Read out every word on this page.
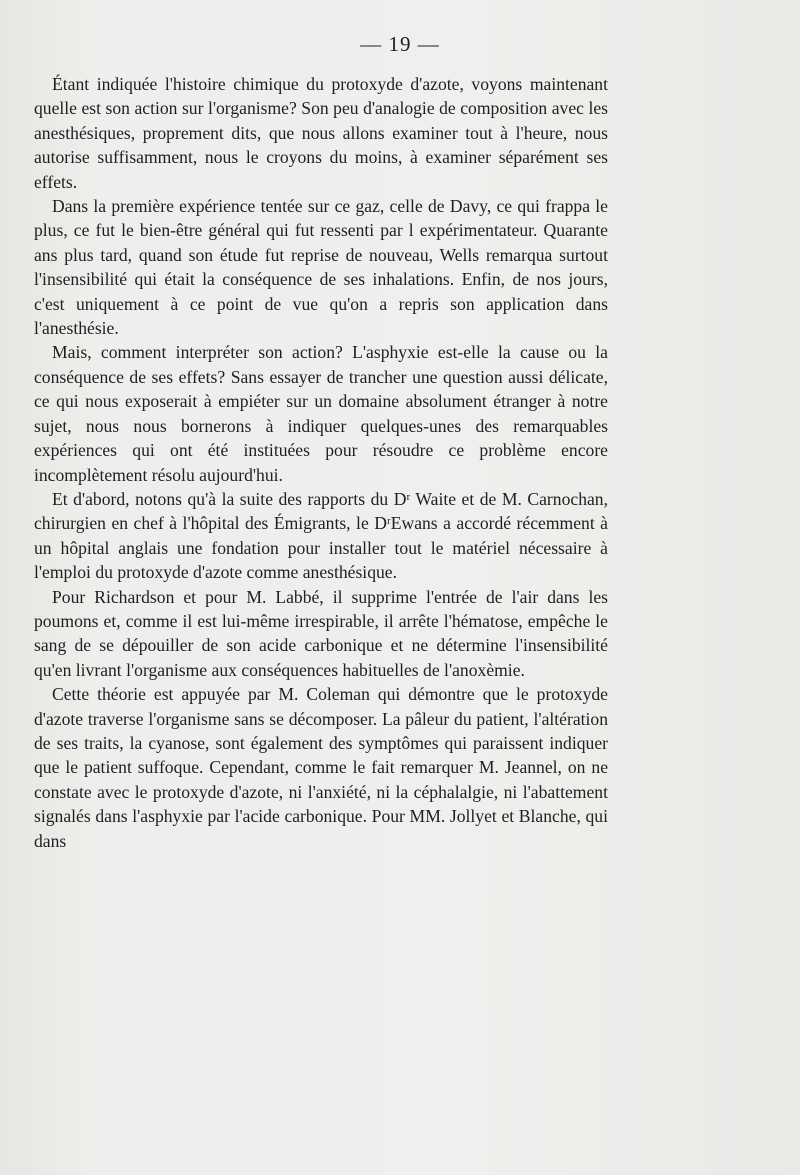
— 19 —

Étant indiquée l'histoire chimique du protoxyde d'azote, voyons maintenant quelle est son action sur l'organisme? Son peu d'analogie de composition avec les anesthésiques, proprement dits, que nous allons examiner tout à l'heure, nous autorise suffisamment, nous le croyons du moins, à examiner séparément ses effets.

Dans la première expérience tentée sur ce gaz, celle de Davy, ce qui frappa le plus, ce fut le bien-être général qui fut ressenti par l expérimentateur. Quarante ans plus tard, quand son étude fut reprise de nouveau, Wells remarqua surtout l'insensibilité qui était la conséquence de ses inhalations. Enfin, de nos jours, c'est uniquement à ce point de vue qu'on a repris son application dans l'anesthésie.

Mais, comment interpréter son action? L'asphyxie est-elle la cause ou la conséquence de ses effets? Sans essayer de trancher une question aussi délicate, ce qui nous exposerait à empiéter sur un domaine absolument étranger à notre sujet, nous nous bornerons à indiquer quelques-unes des remarquables expériences qui ont été instituées pour résoudre ce problème encore incomplètement résolu aujourd'hui.

Et d'abord, notons qu'à la suite des rapports du Dʳ Waite et de M. Carnochan, chirurgien en chef à l'hôpital des Émigrants, le DʳEwans a accordé récemment à un hôpital anglais une fondation pour installer tout le matériel nécessaire à l'emploi du protoxyde d'azote comme anesthésique.

Pour Richardson et pour M. Labbé, il supprime l'entrée de l'air dans les poumons et, comme il est lui-même irrespirable, il arrête l'hématose, empêche le sang de se dépouiller de son acide carbonique et ne détermine l'insensibilité qu'en livrant l'organisme aux conséquences habituelles de l'anoxèmie.

Cette théorie est appuyée par M. Coleman qui démontre que le protoxyde d'azote traverse l'organisme sans se décomposer. La pâleur du patient, l'altération de ses traits, la cyanose, sont également des symptômes qui paraissent indiquer que le patient suffoque. Cependant, comme le fait remarquer M. Jeannel, on ne constate avec le protoxyde d'azote, ni l'anxiété, ni la céphalalgie, ni l'abattement signalés dans l'asphyxie par l'acide carbonique. Pour MM. Jollyet et Blanche, qui dans
